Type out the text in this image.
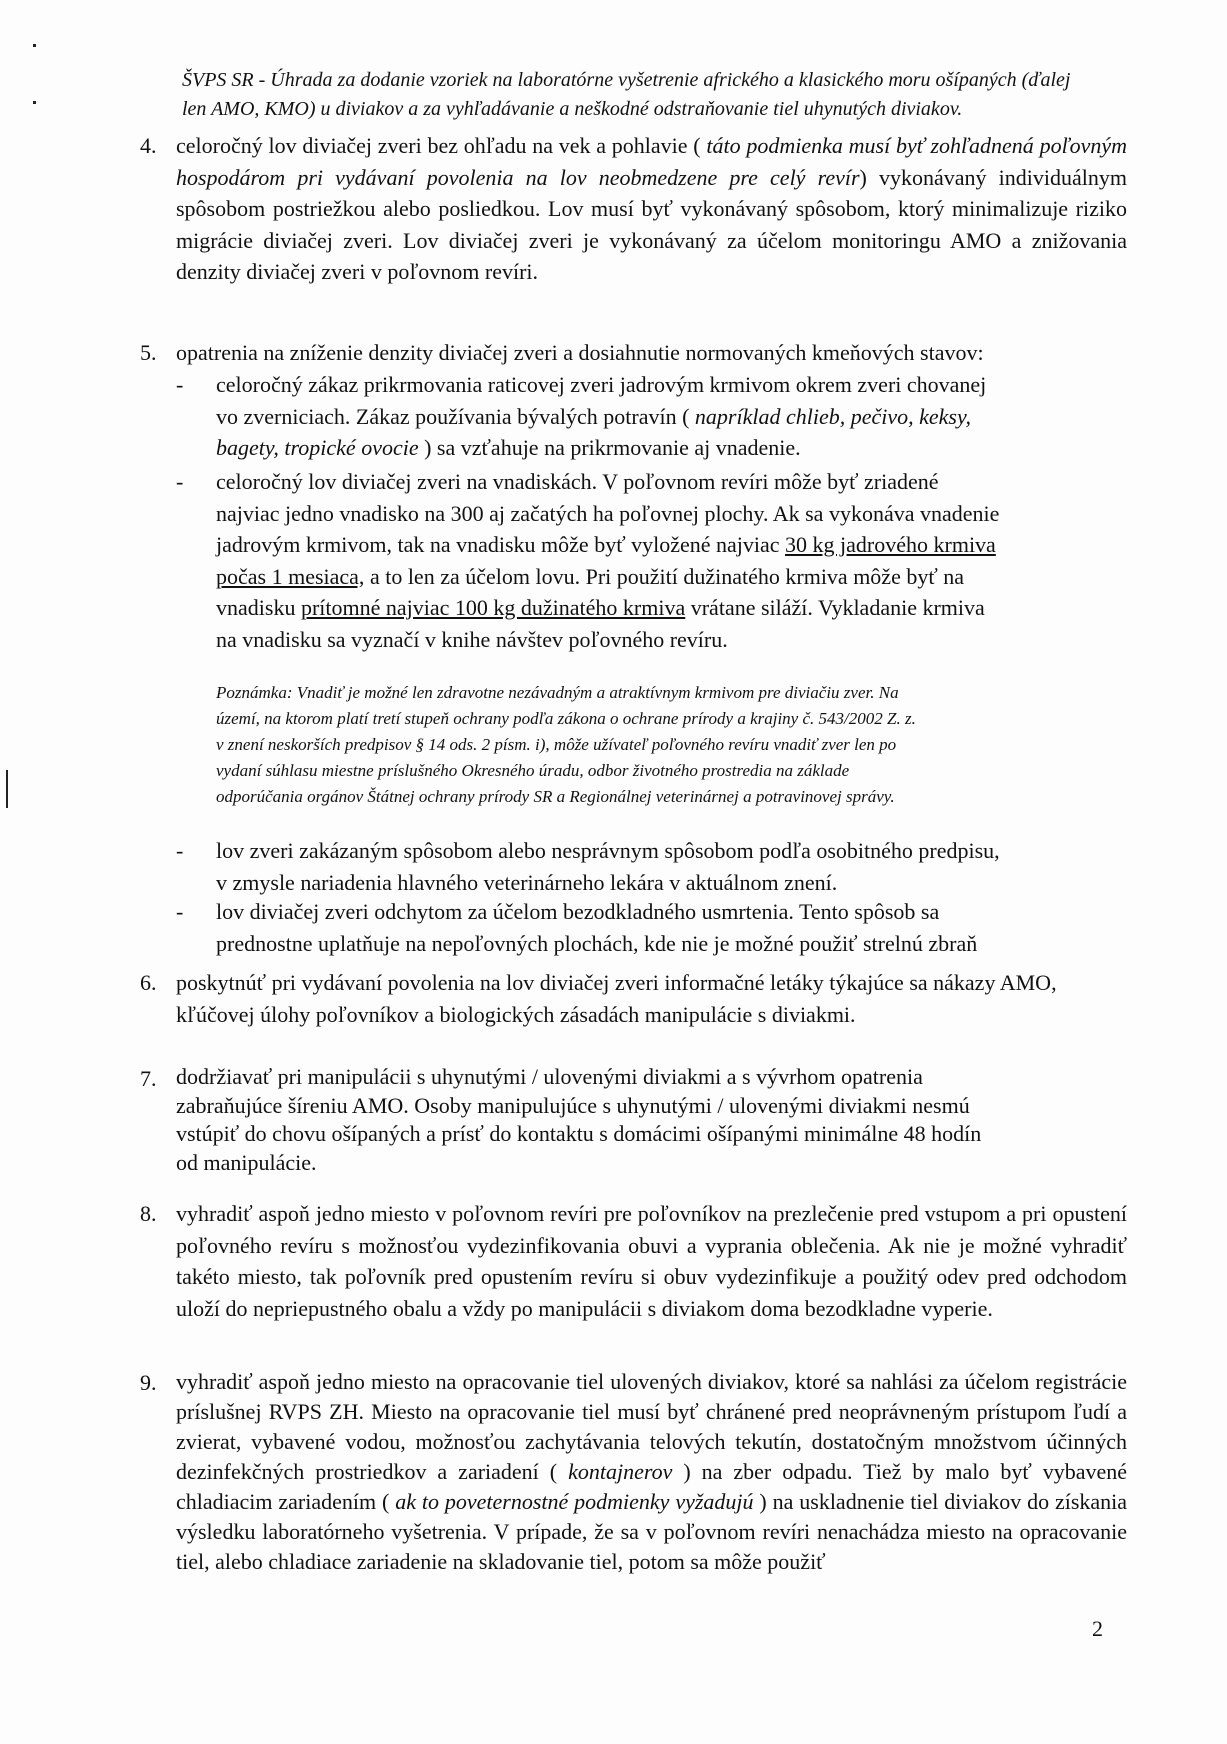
ŠVPS SR - Úhrada za dodanie vzoriek na laboratórne vyšetrenie afrického a klasického moru ošípaných (ďalej
len AMO, KMO) u diviakov a za vyhľadávanie a neškodné odstraňovanie tiel uhynutých diviakov.
4. celoročný lov diviačej zveri bez ohľadu na vek a pohlavie ( táto podmienka musí byť zohľadnená poľovným hospodárom pri vydávaní povolenia na lov neobmedzene pre celý revír) vykonávaný individuálnym spôsobom postriežkou alebo posliedkou. Lov musí byť vykonávaný spôsobom, ktorý minimalizuje riziko migrácie diviačej zveri. Lov diviačej zveri je vykonávaný za účelom monitoringu AMO a znižovania denzity diviačej zveri v poľovnom revíri.
5. opatrenia na zníženie denzity diviačej zveri a dosiahnutie normovaných kmeňových stavov:
- celoročný zákaz prikrmovania raticovej zveri jadrovým krmivom okrem zveri chovanej
vo zverniciach. Zákaz používania bývalých potravín ( napríklad chlieb, pečivo, keksy,
bagety, tropické ovocie ) sa vzťahuje na prikrmovanie aj vnadenie.
- celoročný lov diviačej zveri na vnadiskách. V poľovnom revíri môže byť zriadené
najviac jedno vnadisko na 300 aj začatých ha poľovnej plochy. Ak sa vykonáva vnadenie
jadrovým krmivom, tak na vnadisku môže byť vyložené najviac 30 kg jadrového krmiva
počas 1 mesiaca, a to len za účelom lovu. Pri použití dužinatého krmiva môže byť na
vnadisku prítomné najviac 100 kg dužinatého krmiva vrátane siláží. Vykladanie krmiva
na vnadisku sa vyznačí v knihe návštev poľovného revíru.
Poznámka: Vnadiť je možné len zdravotne nezávadným a atraktívnym krmivom pre diviačiu zver. Na
území, na ktorom platí tretí stupeň ochrany podľa zákona o ochrane prírody a krajiny č. 543/2002 Z. z.
v znení neskorších predpisov § 14 ods. 2 písm. i), môže užívateľ poľovného revíru vnadiť zver len po
vydaní súhlasu miestne príslušného Okresného úradu, odbor životného prostredia na základe
odporúčania orgánov Štátnej ochrany prírody SR a Regionálnej veterinárnej a potravinovej správy.
- lov zveri zakázaným spôsobom alebo nesprávnym spôsobom podľa osobitného predpisu,
v zmysle nariadenia hlavného veterinárneho lekára v aktuálnom znení.
- lov diviačej zveri odchytom za účelom bezodkladného usmrtenia. Tento spôsob sa
prednostne uplatňuje na nepoľovných plochách, kde nie je možné použiť strelnú zbraň
6. poskytnúť pri vydávaní povolenia na lov diviačej zveri informačné letáky týkajúce sa nákazy AMO, kľúčovej úlohy poľovníkov a biologických zásadách manipulácie s diviakmi.
7. dodržiavať pri manipulácii s uhynutými / ulovenými diviakmi a s vývrhom opatrenia
zabraňujúce šíreniu AMO. Osoby manipulujúce s uhynutými / ulovenými diviakmi nesmú
vstúpiť do chovu ošípaných a prísť do kontaktu s domácimi ošípanými minimálne 48 hodín
od manipulácie.
8. vyhradiť aspoň jedno miesto v poľovnom revíri pre poľovníkov na prezlečenie pred vstupom a pri opustení poľovného revíru s možnosťou vydezinfikovania obuvi a vyprania oblečenia. Ak nie je možné vyhradiť takéto miesto, tak poľovník pred opustením revíru si obuv vydezinfikuje a použitý odev pred odchodom uloží do nepriepustného obalu a vždy po manipulácii s diviakom doma bezodkladne vyperie.
9. vyhradiť aspoň jedno miesto na opracovanie tiel ulovených diviakov, ktoré sa nahlási za účelom registrácie príslušnej RVPS ZH. Miesto na opracovanie tiel musí byť chránené pred neoprávneným prístupom ľudí a zvierat, vybavené vodou, možnosťou zachytávania telových tekutín, dostatočným množstvom účinných dezinfekčných prostriedkov a zariadení ( kontajnerov ) na zber odpadu. Tiež by malo byť vybavené chladiacim zariadením ( ak to poveternostné podmienky vyžadujú ) na uskladnenie tiel diviakov do získania výsledku laboratórneho vyšetrenia. V prípade, že sa v poľovnom revíri nenachádza miesto na opracovanie tiel, alebo chladiace zariadenie na skladovanie tiel, potom sa môže použiť
2
